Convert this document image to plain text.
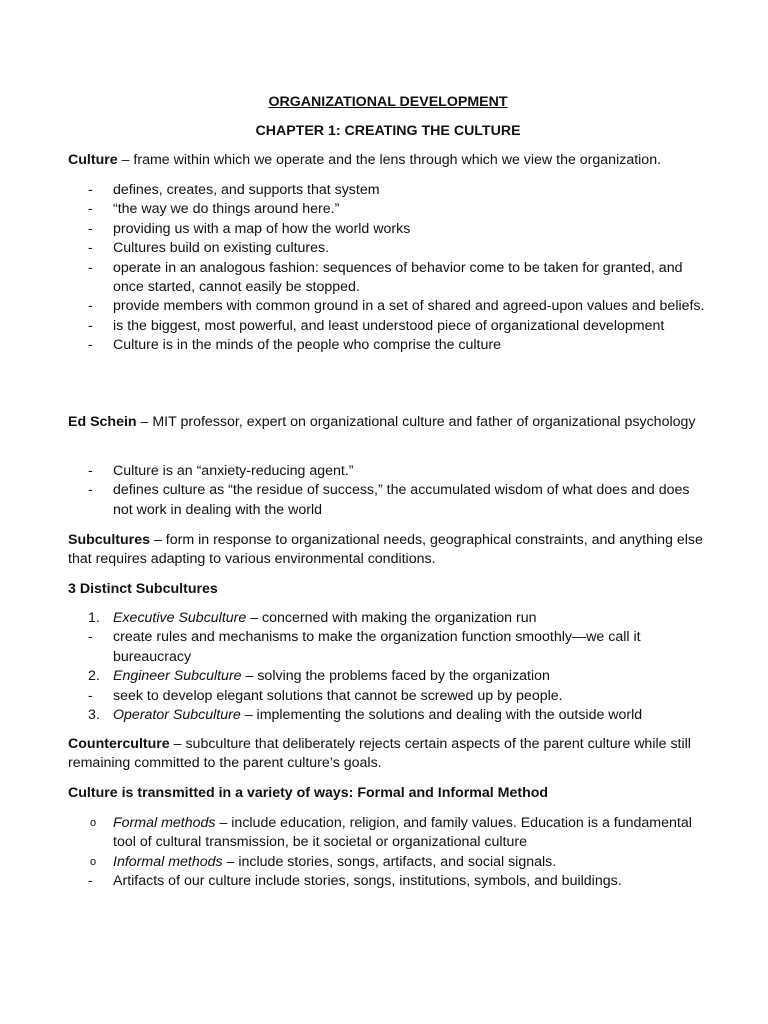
ORGANIZATIONAL DEVELOPMENT

CHAPTER 1: CREATING THE CULTURE

Culture – frame within which we operate and the lens through which we view the organization.

- defines, creates, and supports that system
- “the way we do things around here.”
- providing us with a map of how the world works
- Cultures build on existing cultures.
- operate in an analogous fashion: sequences of behavior come to be taken for granted, and once started, cannot easily be stopped.
- provide members with common ground in a set of shared and agreed-upon values and beliefs.
- is the biggest, most powerful, and least understood piece of organizational development
- Culture is in the minds of the people who comprise the culture

Ed Schein – MIT professor, expert on organizational culture and father of organizational psychology

- Culture is an “anxiety-reducing agent.”
- defines culture as “the residue of success,” the accumulated wisdom of what does and does not work in dealing with the world

Subcultures – form in response to organizational needs, geographical constraints, and anything else that requires adapting to various environmental conditions.

3 Distinct Subcultures

1. Executive Subculture – concerned with making the organization run
- create rules and mechanisms to make the organization function smoothly—we call it bureaucracy
2. Engineer Subculture – solving the problems faced by the organization
- seek to develop elegant solutions that cannot be screwed up by people.
3. Operator Subculture – implementing the solutions and dealing with the outside world

Counterculture – subculture that deliberately rejects certain aspects of the parent culture while still remaining committed to the parent culture’s goals.

Culture is transmitted in a variety of ways: Formal and Informal Method

o Formal methods – include education, religion, and family values. Education is a fundamental tool of cultural transmission, be it societal or organizational culture
o Informal methods – include stories, songs, artifacts, and social signals.
- Artifacts of our culture include stories, songs, institutions, symbols, and buildings.
